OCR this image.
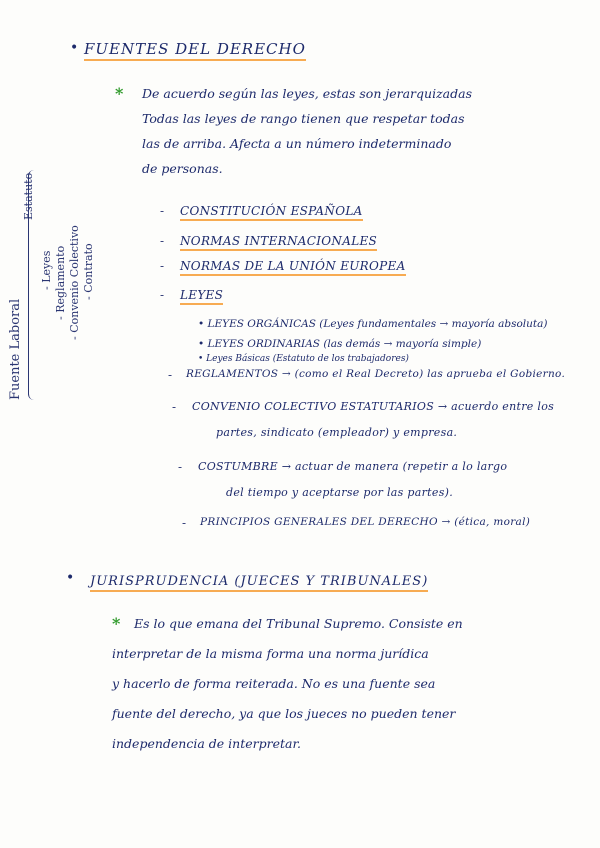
• FUENTES DEL DERECHO
* De acuerdo según las leyes, estas son jerarquizadas
Todas las leyes de rango tienen que respetar todas
las de arriba. Afecta a un número indeterminado
de personas.
- CONSTITUCIÓN ESPAÑOLA
- NORMAS INTERNACIONALES
- NORMAS DE LA UNIÓN EUROPEA
- LEYES
• LEYES ORGÁNICAS (Leyes fundamentales → mayoría absoluta)
• LEYES ORDINARIAS (las demás → mayoría simple)
• Leyes Básicas (Estatuto de los trabajadores)
- REGLAMENTOS → (como el Real Decreto) las aprueba el Gobierno.
- CONVENIO COLECTIVO ESTATUTARIOS → acuerdo entre los
partes, sindicato (empleador) y empresa.
- COSTUMBRE → actuar de manera (repetir a lo largo
del tiempo y aceptarse por las partes).
- PRINCIPIOS GENERALES DEL DERECHO → (ética, moral)
Fuente Laboral
- Leyes - Reglamento - Convenio Colectivo - Contrato
Estatuto
• JURISPRUDENCIA (JUECES Y TRIBUNALES)
* Es lo que emana del Tribunal Supremo. Consiste en
interpretar de la misma forma una norma jurídica
y hacerlo de forma reiterada. No es una fuente sea
fuente del derecho, ya que los jueces no pueden tener
independencia de interpretar.
